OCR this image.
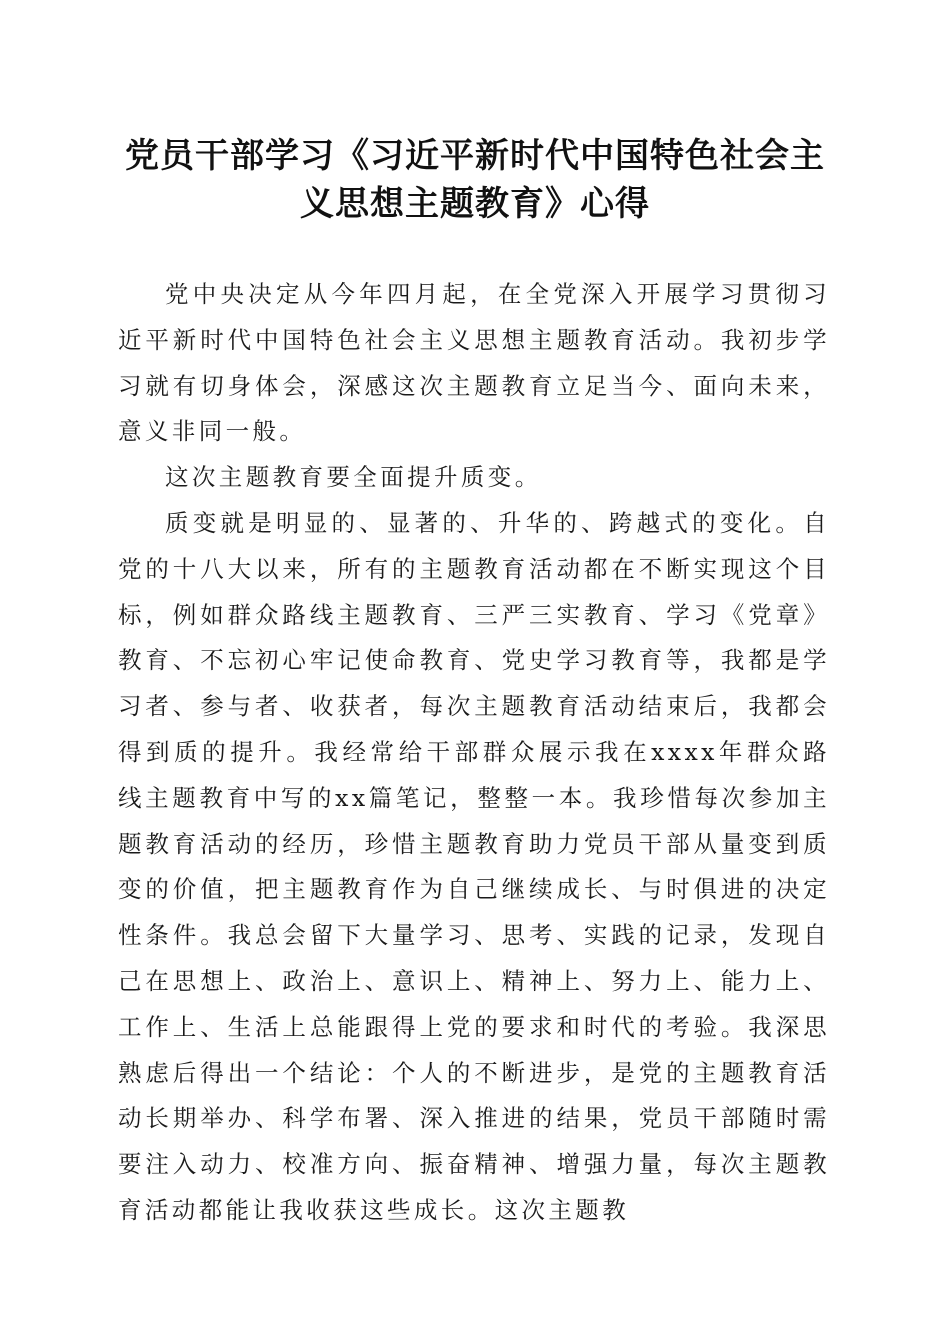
党员干部学习《习近平新时代中国特色社会主义思想主题教育》心得

党中央决定从今年四月起，在全党深入开展学习贯彻习近平新时代中国特色社会主义思想主题教育活动。我初步学习就有切身体会，深感这次主题教育立足当今、面向未来，意义非同一般。

这次主题教育要全面提升质变。

质变就是明显的、显著的、升华的、跨越式的变化。自党的十八大以来，所有的主题教育活动都在不断实现这个目标，例如群众路线主题教育、三严三实教育、学习《党章》教育、不忘初心牢记使命教育、党史学习教育等，我都是学习者、参与者、收获者，每次主题教育活动结束后，我都会得到质的提升。我经常给干部群众展示我在xxxx年群众路线主题教育中写的xx篇笔记，整整一本。我珍惜每次参加主题教育活动的经历，珍惜主题教育助力党员干部从量变到质变的价值，把主题教育作为自己继续成长、与时俱进的决定性条件。我总会留下大量学习、思考、实践的记录，发现自己在思想上、政治上、意识上、精神上、努力上、能力上、工作上、生活上总能跟得上党的要求和时代的考验。我深思熟虑后得出一个结论：个人的不断进步，是党的主题教育活动长期举办、科学布署、深入推进的结果，党员干部随时需要注入动力、校准方向、振奋精神、增强力量，每次主题教育活动都能让我收获这些成长。这次主题教
